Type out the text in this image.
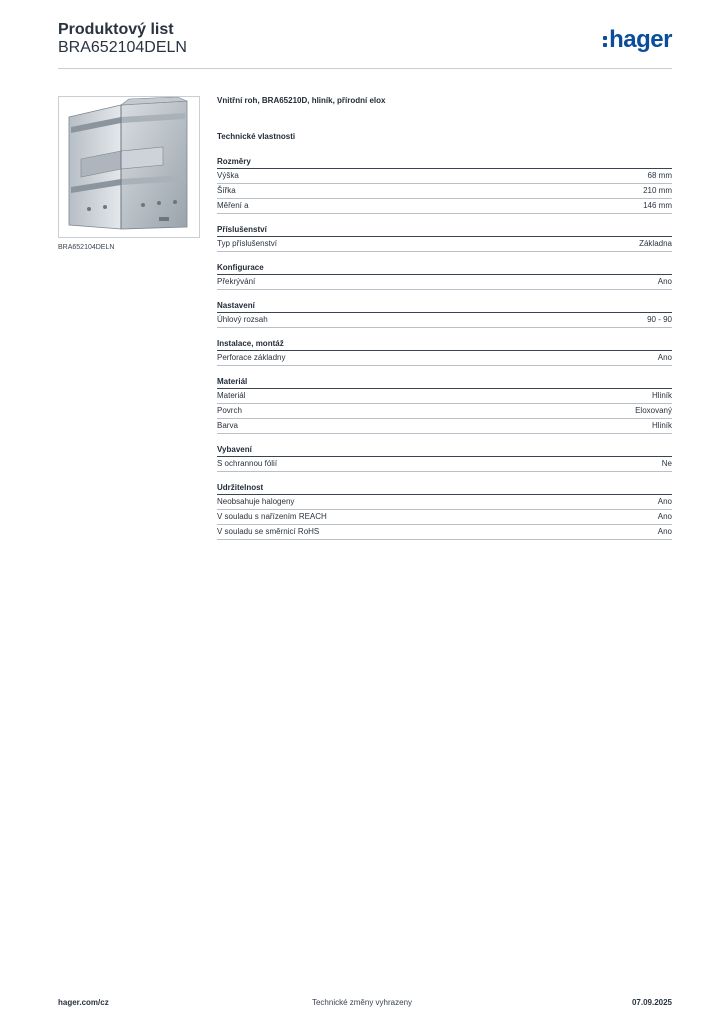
Produktový list
BRA652104DELN	hager
BRA652104DELN
Vnitřní roh, BRA65210D, hliník, přírodní elox
Technické vlastnosti
Rozměry
Výška	68 mm
Šířka	210 mm
Měření a	146 mm
Příslušenství
Typ příslušenství	Základna
Konfigurace
Překrývání	Ano
Nastavení
Úhlový rozsah	90 - 90
Instalace, montáž
Perforace základny	Ano
Materiál
Materiál	Hliník
Povrch	Eloxovaný
Barva	Hliník
Vybavení
S ochrannou fólií	Ne
Udržitelnost
Neobsahuje halogeny	Ano
V souladu s nařízením REACH	Ano
V souladu se směrnicí RoHS	Ano
hager.com/cz	Technické změny vyhrazeny	07.09.2025
